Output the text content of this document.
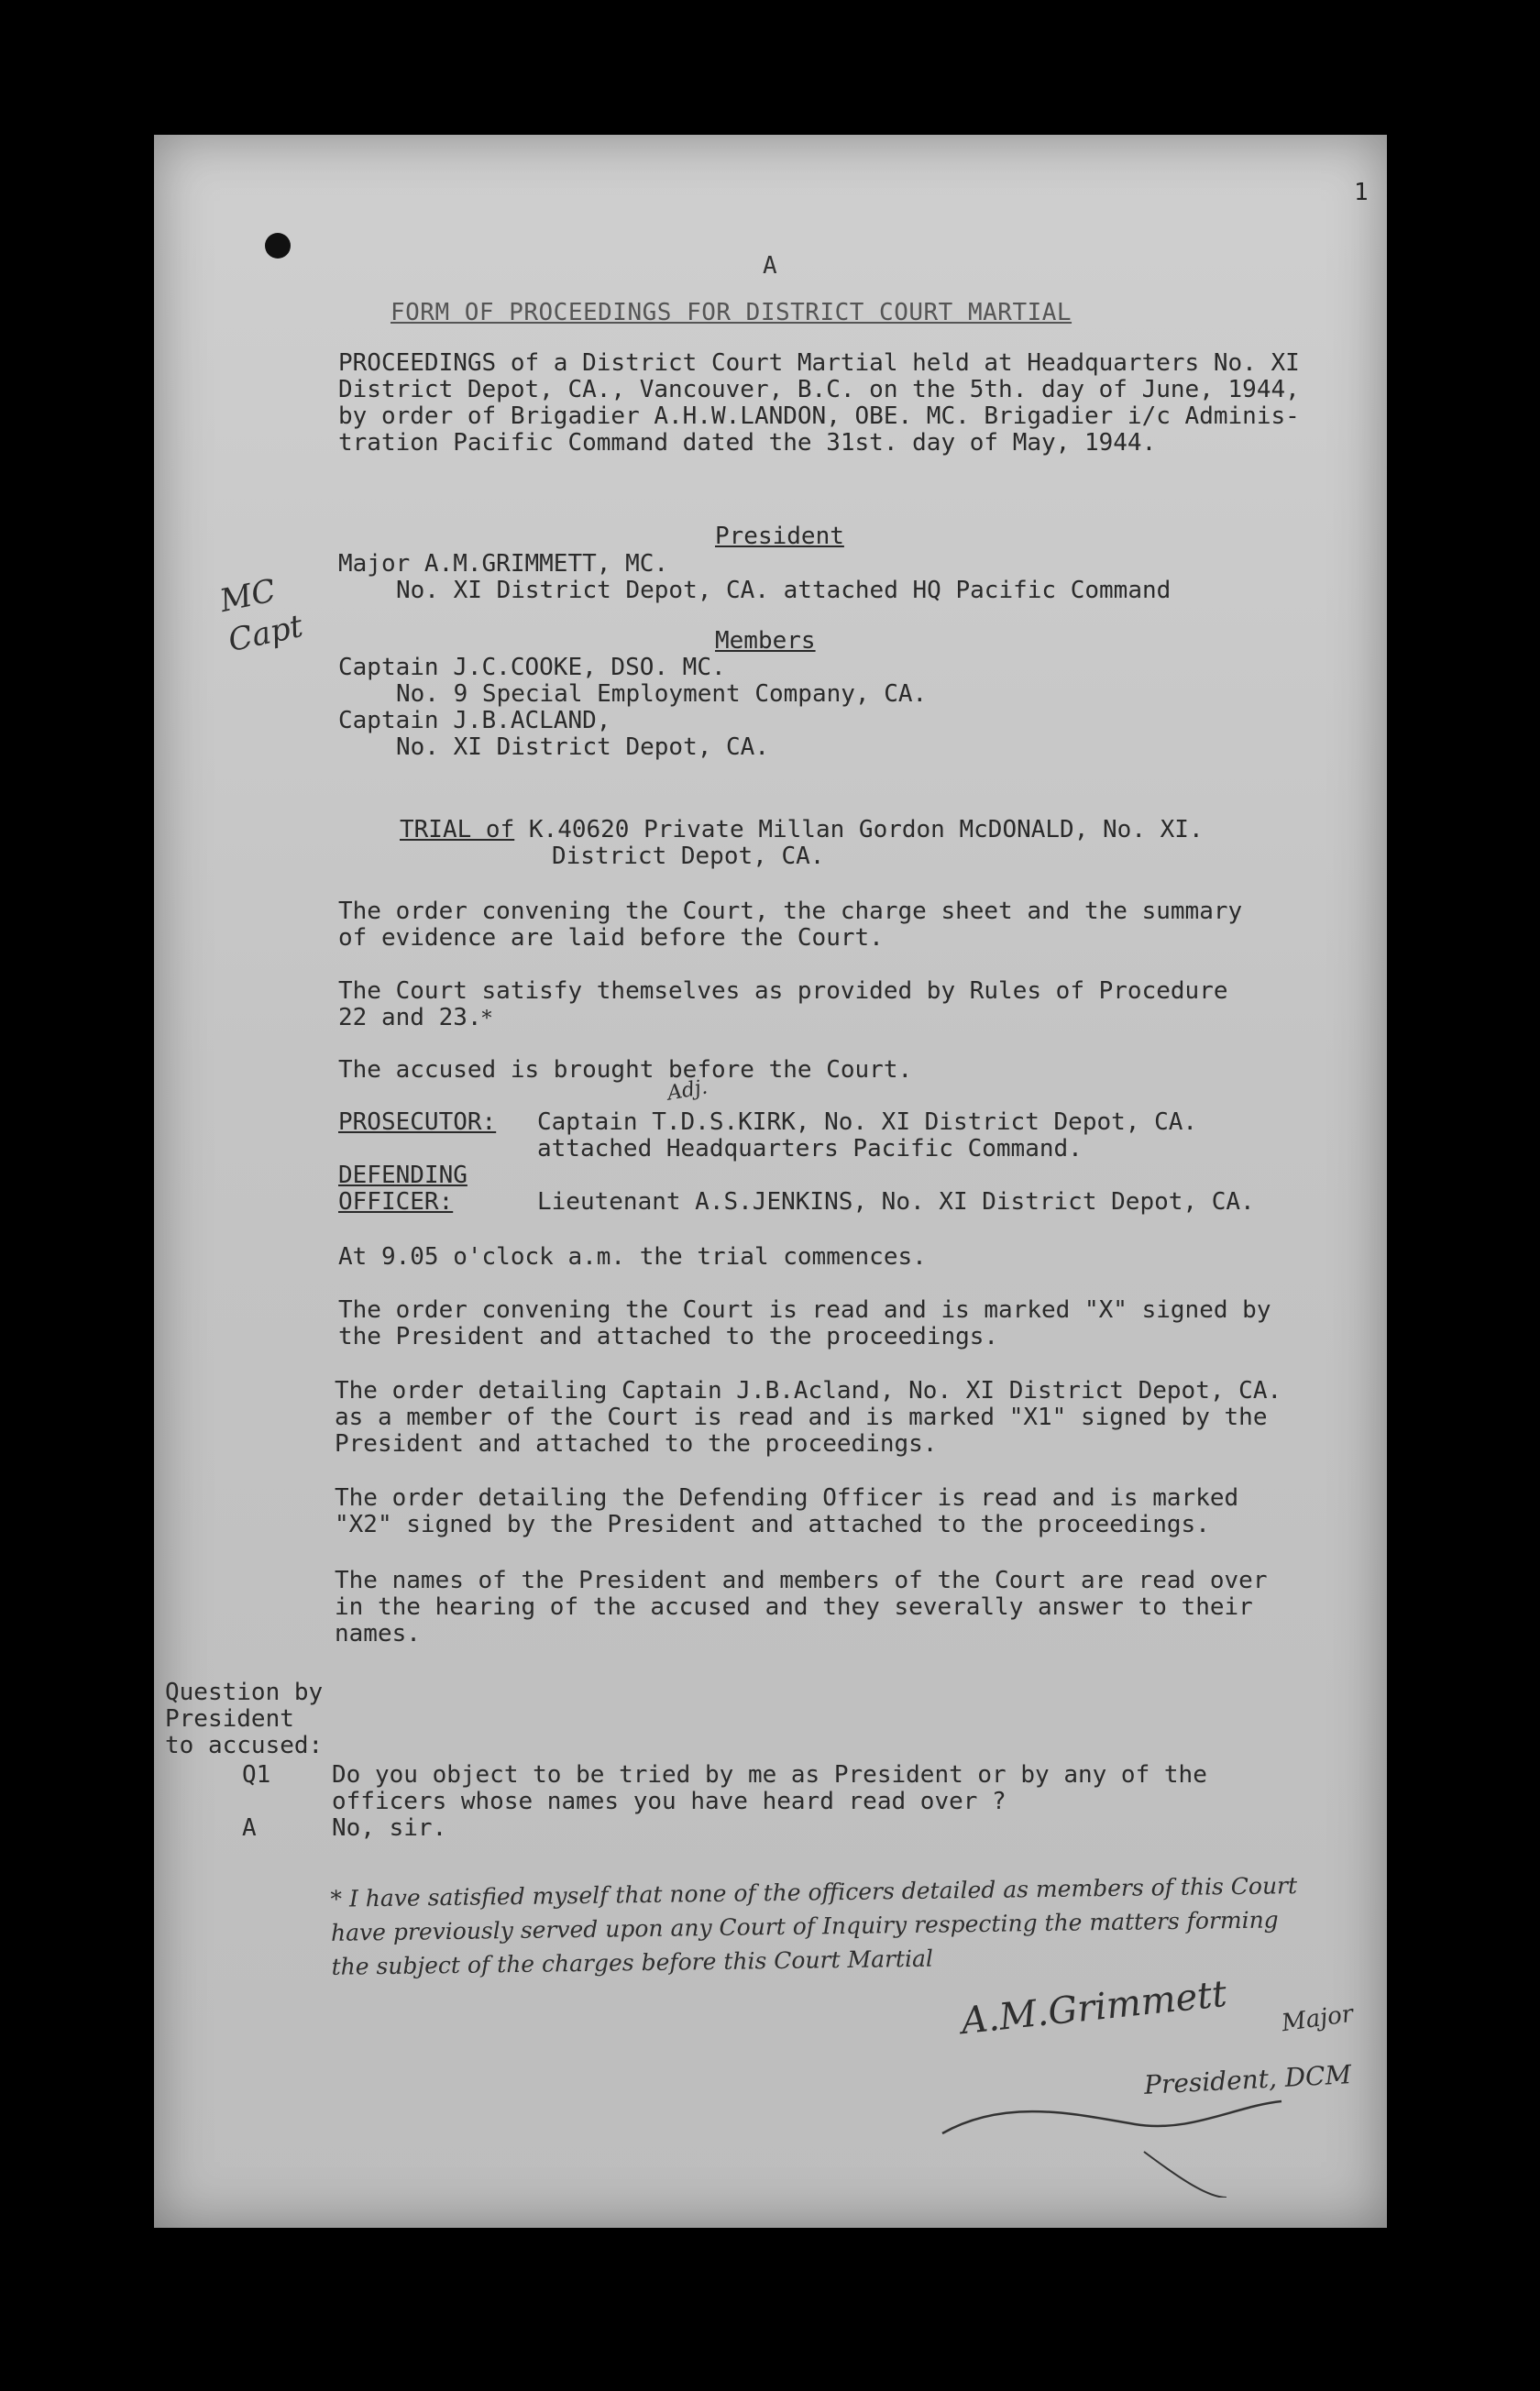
1
A
FORM OF PROCEEDINGS FOR DISTRICT COURT MARTIAL
PROCEEDINGS of a District Court Martial held at Headquarters No. XI
District Depot, CA., Vancouver, B.C. on the 5th. day of June, 1944,
by order of Brigadier A.H.W.LANDON, OBE. MC. Brigadier i/c Adminis-
tration Pacific Command dated the 31st. day of May, 1944.
President
Major A.M.GRIMMETT, MC.
No. XI District Depot, CA. attached HQ Pacific Command
MC
Capt	Members
Captain J.C.COOKE, DSO. MC.
No. 9 Special Employment Company, CA.
Captain J.B.ACLAND,
No. XI District Depot, CA.
TRIAL of K.40620 Private Millan Gordon McDONALD, No. XI.
District Depot, CA.
The order convening the Court, the charge sheet and the summary
of evidence are laid before the Court.
The Court satisfy themselves as provided by Rules of Procedure
22 and 23.*
The accused is brought before the Court.
PROSECUTOR:
Adj.
Captain T.D.S.KIRK, No. XI District Depot, CA.
attached Headquarters Pacific Command.
DEFENDING
OFFICER:	Lieutenant A.S.JENKINS, No. XI District Depot, CA.
At 9.05 o'clock a.m. the trial commences.
The order convening the Court is read and is marked "X" signed by
the President and attached to the proceedings.
The order detailing Captain J.B.Acland, No. XI District Depot, CA.
as a member of the Court is read and is marked "X1" signed by the
President and attached to the proceedings.
The order detailing the Defending Officer is read and is marked
"X2" signed by the President and attached to the proceedings.
The names of the President and members of the Court are read over
in the hearing of the accused and they severally answer to their
names.
Question by
President
to accused:
Q1	Do you object to be tried by me as President or by any of the
officers whose names you have heard read over ?
A	No, sir.
* I have satisfied myself that none of the officers detailed as members of this Court
have previously served upon any Court of Inquiry respecting the matters forming
the subject of the charges before this Court Martial
A.M.Grimmett Major
President, DCM
